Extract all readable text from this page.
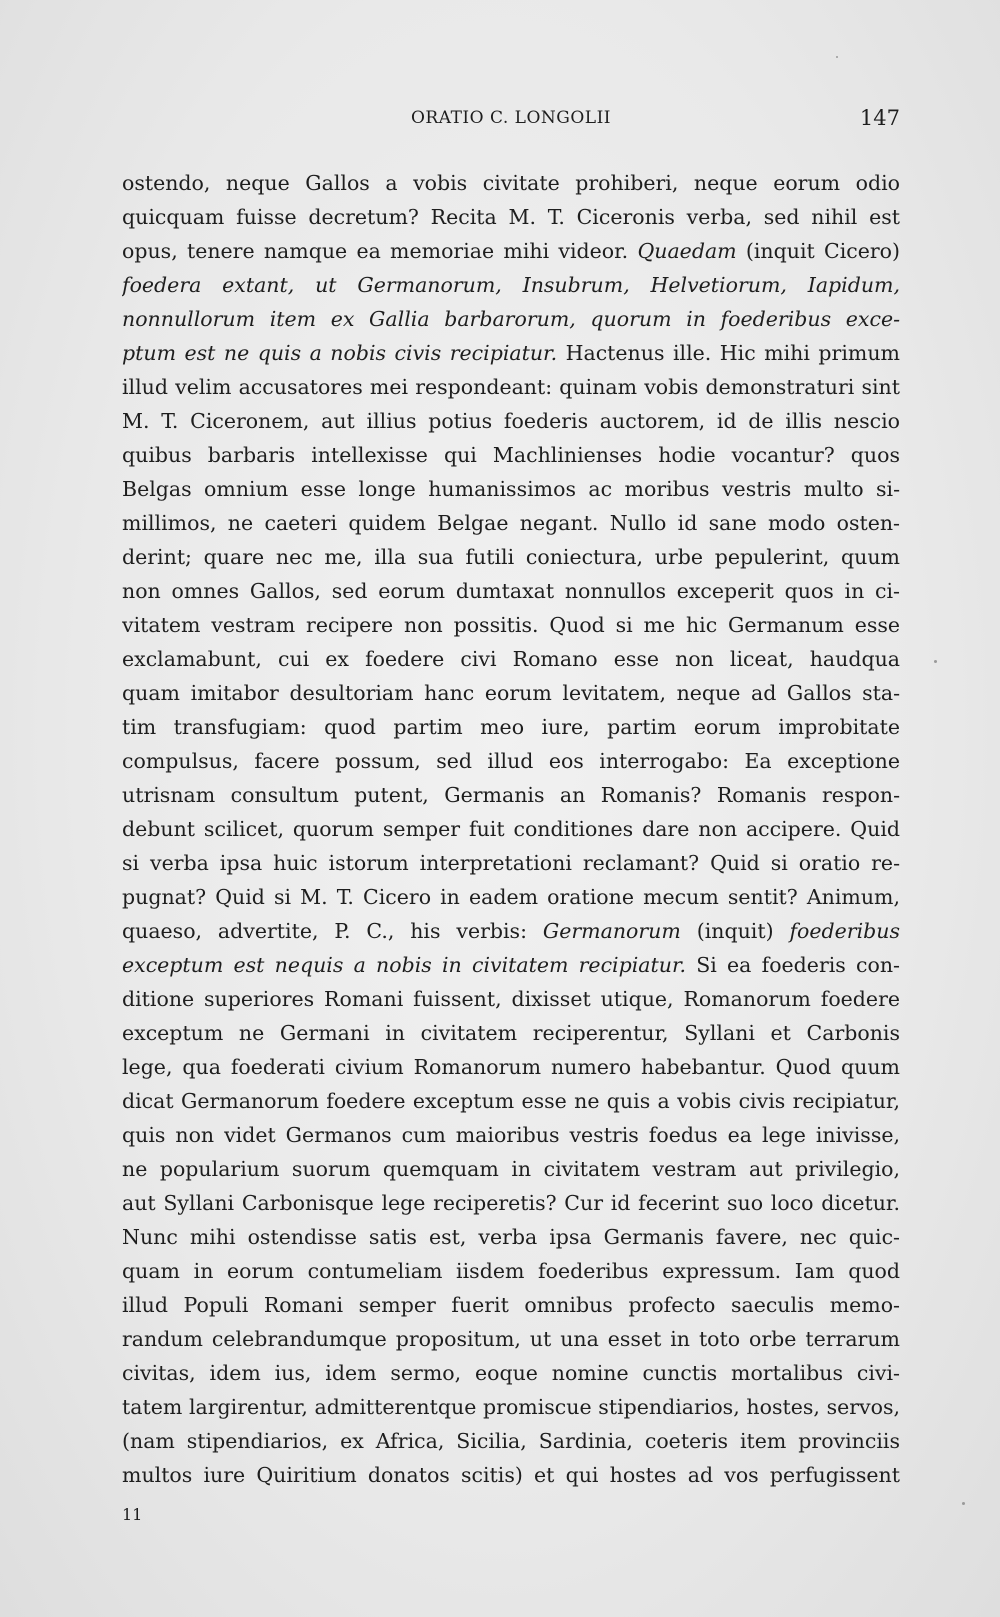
ORATIO C. LONGOLII	147
ostendo, neque Gallos a vobis civitate prohiberi, neque eorum odio
quicquam fuisse decretum? Recita M. T. Ciceronis verba, sed nihil est
opus, tenere namque ea memoriae mihi videor. Quaedam (inquit Cicero)
foedera extant, ut Germanorum, Insubrum, Helvetiorum, Iapidum,
nonnullorum item ex Gallia barbarorum, quorum in foederibus exce-
ptum est ne quis a nobis civis recipiatur. Hactenus ille. Hic mihi primum
illud velim accusatores mei respondeant: quinam vobis demonstraturi sint
M. T. Ciceronem, aut illius potius foederis auctorem, id de illis nescio
quibus barbaris intellexisse qui Machlinienses hodie vocantur? quos
Belgas omnium esse longe humanissimos ac moribus vestris multo si-
millimos, ne caeteri quidem Belgae negant. Nullo id sane modo osten-
derint; quare nec me, illa sua futili coniectura, urbe pepulerint, quum
non omnes Gallos, sed eorum dumtaxat nonnullos exceperit quos in ci-
vitatem vestram recipere non possitis. Quod si me hic Germanum esse
exclamabunt, cui ex foedere civi Romano esse non liceat, haudqua
quam imitabor desultoriam hanc eorum levitatem, neque ad Gallos sta-
tim transfugiam: quod partim meo iure, partim eorum improbitate
compulsus, facere possum, sed illud eos interrogabo: Ea exceptione
utrisnam consultum putent, Germanis an Romanis? Romanis respon-
debunt scilicet, quorum semper fuit conditiones dare non accipere. Quid
si verba ipsa huic istorum interpretationi reclamant? Quid si oratio re-
pugnat? Quid si M. T. Cicero in eadem oratione mecum sentit? Animum,
quaeso, advertite, P. C., his verbis: Germanorum (inquit) foederibus
exceptum est nequis a nobis in civitatem recipiatur. Si ea foederis con-
ditione superiores Romani fuissent, dixisset utique, Romanorum foedere
exceptum ne Germani in civitatem reciperentur, Syllani et Carbonis
lege, qua foederati civium Romanorum numero habebantur. Quod quum
dicat Germanorum foedere exceptum esse ne quis a vobis civis recipiatur,
quis non videt Germanos cum maioribus vestris foedus ea lege inivisse,
ne popularium suorum quemquam in civitatem vestram aut privilegio,
aut Syllani Carbonisque lege reciperetis? Cur id fecerint suo loco dicetur.
Nunc mihi ostendisse satis est, verba ipsa Germanis favere, nec quic-
quam in eorum contumeliam iisdem foederibus expressum. Iam quod
illud Populi Romani semper fuerit omnibus profecto saeculis memo-
randum celebrandumque propositum, ut una esset in toto orbe terrarum
civitas, idem ius, idem sermo, eoque nomine cunctis mortalibus civi-
tatem largirentur, admitterentque promiscue stipendiarios, hostes, servos,
(nam stipendiarios, ex Africa, Sicilia, Sardinia, coeteris item provinciis
multos iure Quiritium donatos scitis) et qui hostes ad vos perfugissent
11
